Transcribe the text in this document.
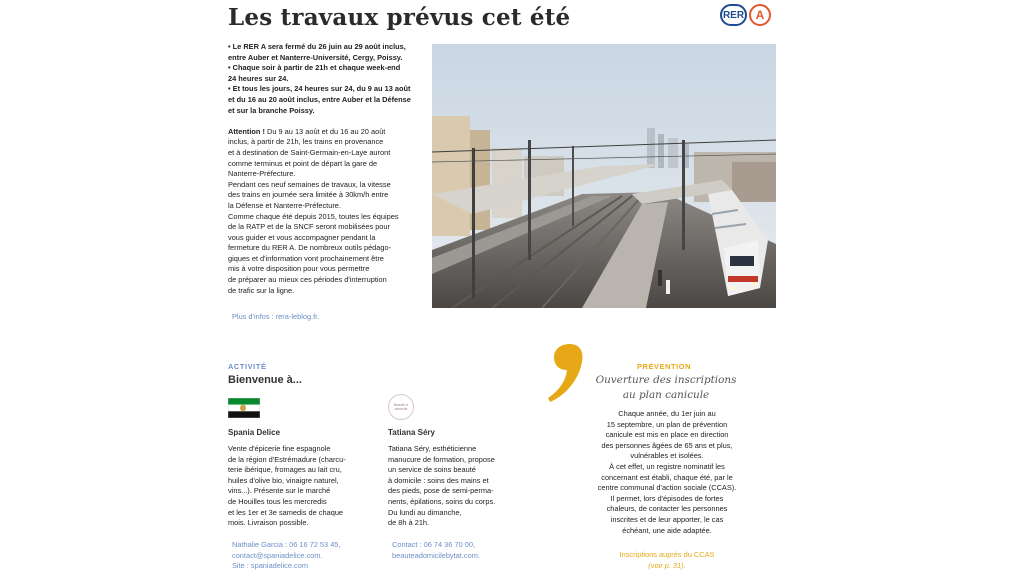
Les travaux prévus cet été	RER A

• Le RER A sera fermé du 26 juin au 29 août inclus,
entre Auber et Nanterre-Université, Cergy, Poissy.
• Chaque soir à partir de 21h et chaque week-end
24 heures sur 24.
• Et tous les jours, 24 heures sur 24, du 9 au 13 août
et du 16 au 20 août inclus, entre Auber et la Défense
et sur la branche Poissy.

Attention ! Du 9 au 13 août et du 16 au 20 août
inclus, à partir de 21h, les trains en provenance
et à destination de Saint-Germain-en-Laye auront
comme terminus et point de départ la gare de
Nanterre-Préfecture.
Pendant ces neuf semaines de travaux, la vitesse
des trains en journée sera limitée à 30km/h entre
la Défense et Nanterre-Préfecture.
Comme chaque été depuis 2015, toutes les équipes
de la RATP et de la SNCF seront mobilisées pour
vous guider et vous accompagner pendant la
fermeture du RER A. De nombreux outils pédago-
giques et d'information vont prochainement être
mis à votre disposition pour vous permettre
de préparer au mieux ces périodes d'interruption
de trafic sur la ligne.

Plus d'infos : rera-leblog.fr.
ACTIVITÉ
Bienvenue à...
Beauté à domicile
Spania Delice
Vente d'épicerie fine espagnole
de la région d'Estrémadure (charcu-
terie ibérique, fromages au lait cru,
huiles d'olive bio, vinaigre naturel,
vins...). Présente sur le marché
de Houilles tous les mercredis
et les 1er et 3e samedis de chaque
mois. Livraison possible.
Nathalie Garcia : 06 16 72 53 45,
contact@spaniadelice.com.
Site : spaniadelice.com
Tatiana Séry
Tatiana Séry, esthéticienne
manucure de formation, propose
un service de soins beauté
à domicile : soins des mains et
des pieds, pose de semi-perma-
nents, épilations, soins du corps.
Du lundi au dimanche,
de 8h à 21h.
Contact : 06 74 36 70 00,
beauteadomicilebytat.com.
PRÉVENTION
Ouverture des inscriptions
au plan canicule
Chaque année, du 1er juin au
15 septembre, un plan de prévention
canicule est mis en place en direction
des personnes âgées de 65 ans et plus,
vulnérables et isolées.
À cet effet, un registre nominatif les
concernant est établi, chaque été, par le
centre communal d'action sociale (CCAS).
Il permet, lors d'épisodes de fortes
chaleurs, de contacter les personnes
inscrites et de leur apporter, le cas
échéant, une aide adaptée.
Inscriptions auprès du CCAS
(voir p. 31).
